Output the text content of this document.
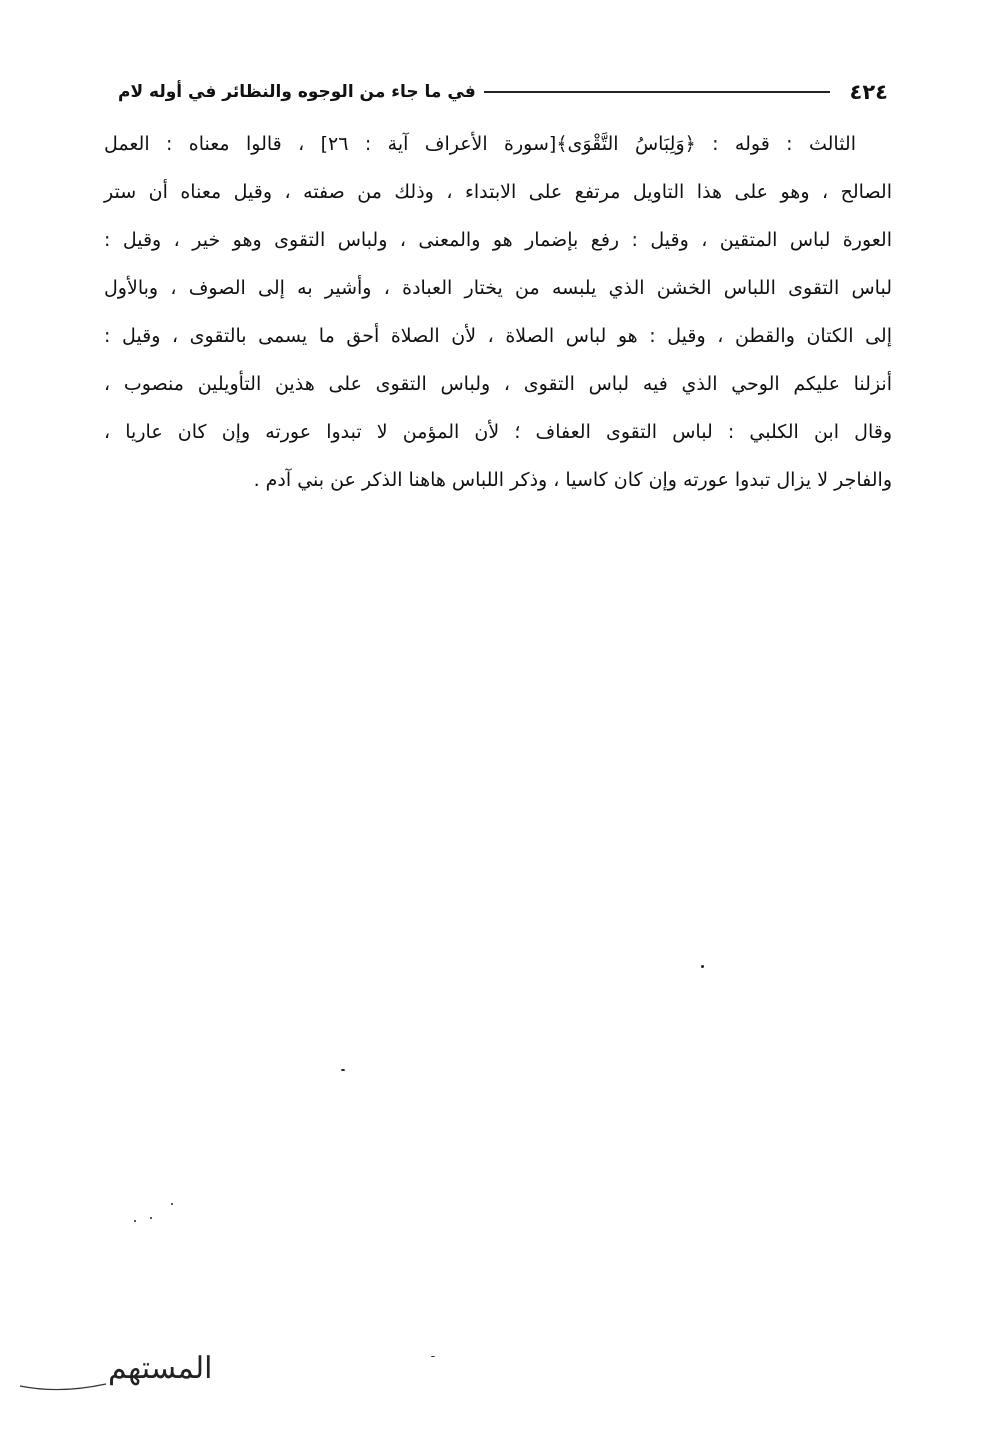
٤٢٤
في ما جاء من الوجوه والنظائر في أوله لام
الثالث : قوله : ﴿وَلِبَاسُ التَّقْوَى﴾[سورة الأعراف آية : ٢٦] ، قالوا معناه : العمل
الصالح ، وهو على هذا التاويل مرتفع على الابتداء ، وذلك من صفته ، وقيل معناه أن ستر
العورة لباس المتقين ، وقيل : رفع بإضمار هو والمعنى ، ولباس التقوى وهو خير ، وقيل :
لباس التقوى اللباس الخشن الذي يلبسه من يختار العبادة ، وأشير به إلى الصوف ، وبالأول
إلى الكتان والقطن ، وقيل : هو لباس الصلاة ، لأن الصلاة أحق ما يسمى بالتقوى ، وقيل :
أنزلنا عليكم الوحي الذي فيه لباس التقوى ، ولباس التقوى على هذين التأويلين منصوب ،
وقال ابن الكلبي : لباس التقوى العفاف ؛ لأن المؤمن لا تبدوا عورته وإن كان عاريا ،
والفاجر لا يزال تبدوا عورته وإن كان كاسيا ، وذكر اللباس هاهنا الذكر عن بني آدم .
المستهم
